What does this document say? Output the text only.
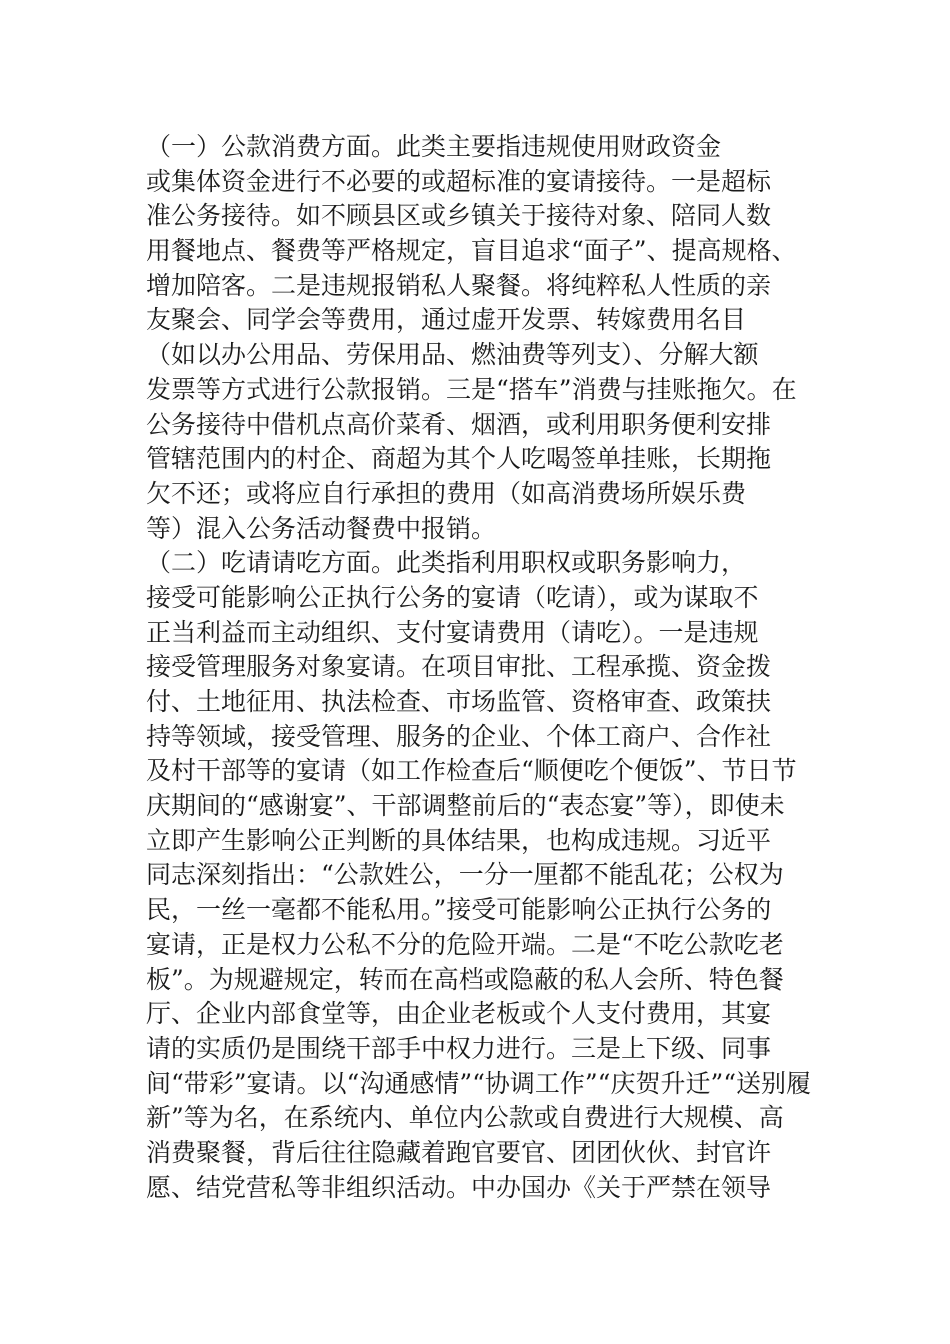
（一）公款消费方面。此类主要指违规使用财政资金
或集体资金进行不必要的或超标准的宴请接待。一是超标
准公务接待。如不顾县区或乡镇关于接待对象、陪同人数
用餐地点、餐费等严格规定，盲目追求“面子”、提高规格、
增加陪客。二是违规报销私人聚餐。将纯粹私人性质的亲
友聚会、同学会等费用，通过虚开发票、转嫁费用名目
（如以办公用品、劳保用品、燃油费等列支）、分解大额
发票等方式进行公款报销。三是“搭车”消费与挂账拖欠。在
公务接待中借机点高价菜肴、烟酒，或利用职务便利安排
管辖范围内的村企、商超为其个人吃喝签单挂账，长期拖
欠不还；或将应自行承担的费用（如高消费场所娱乐费
等）混入公务活动餐费中报销。
（二）吃请请吃方面。此类指利用职权或职务影响力，
接受可能影响公正执行公务的宴请（吃请），或为谋取不
正当利益而主动组织、支付宴请费用（请吃）。一是违规
接受管理服务对象宴请。在项目审批、工程承揽、资金拨
付、土地征用、执法检查、市场监管、资格审查、政策扶
持等领域，接受管理、服务的企业、个体工商户、合作社
及村干部等的宴请（如工作检查后“顺便吃个便饭”、节日节
庆期间的“感谢宴”、干部调整前后的“表态宴”等），即使未
立即产生影响公正判断的具体结果，也构成违规。习近平
同志深刻指出：“公款姓公，一分一厘都不能乱花；公权为
民，一丝一毫都不能私用。”接受可能影响公正执行公务的
宴请，正是权力公私不分的危险开端。二是“不吃公款吃老
板”。为规避规定，转而在高档或隐蔽的私人会所、特色餐
厅、企业内部食堂等，由企业老板或个人支付费用，其宴
请的实质仍是围绕干部手中权力进行。三是上下级、同事
间“带彩”宴请。以“沟通感情”“协调工作”“庆贺升迁”“送别履
新”等为名，在系统内、单位内公款或自费进行大规模、高
消费聚餐，背后往往隐藏着跑官要官、团团伙伙、封官许
愿、结党营私等非组织活动。中办国办《关于严禁在领导
